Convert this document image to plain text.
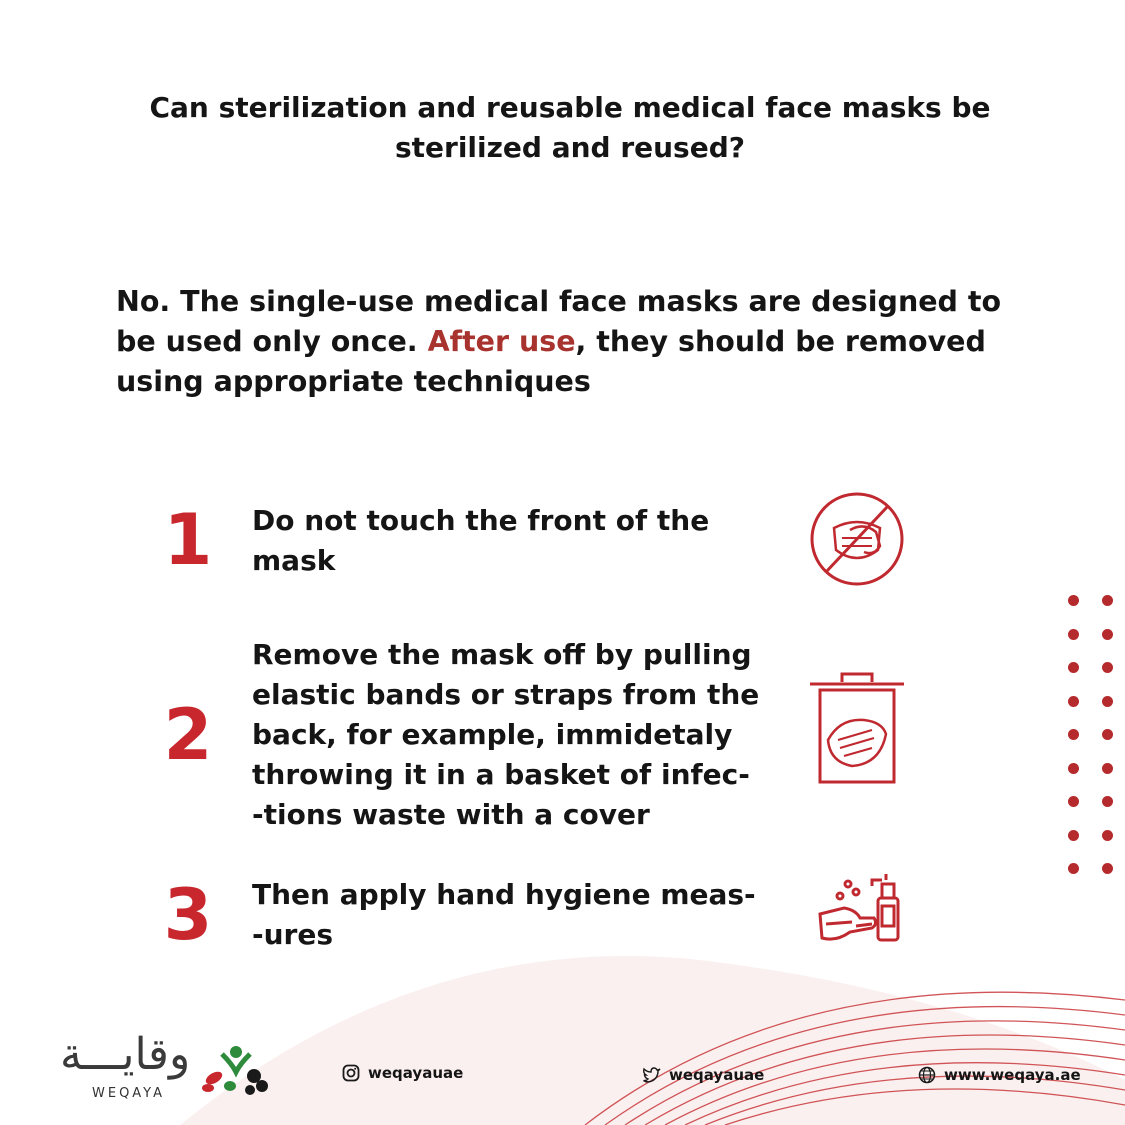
Can sterilization and reusable medical face masks be sterilized and reused?
No. The single-use medical face masks are designed to be used only once. After use, they should be removed using appropriate techniques
1 Do not touch the front of the
mask
2
Remove the mask off by pulling
elastic bands or straps from the
back, for example, immidetaly
throwing it in a basket of infec-
-tions waste with a cover
3 Then apply hand hygiene meas-
-ures
وقايـــة
WEQAYA
weqayauae	weqayauae	www.weqaya.ae
